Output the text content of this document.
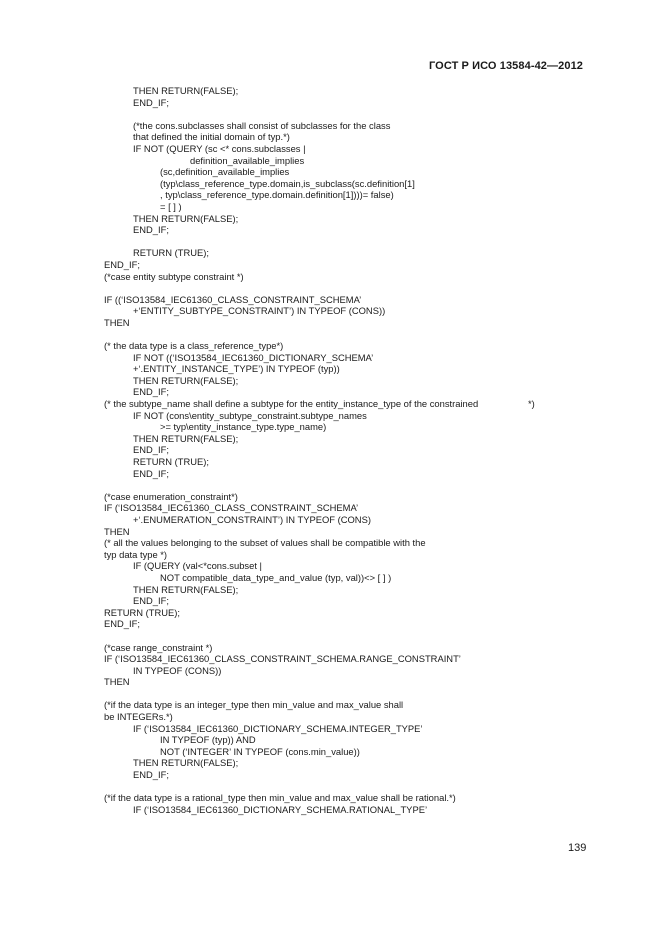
ГОСТ Р ИСО 13584-42—2012
THEN RETURN(FALSE);
END_IF;
(*the cons.subclasses shall consist of subclasses for the class
that defined the initial domain of typ.*)
IF NOT (QUERY (sc <* cons.subclasses |
definition_available_implies
(sc,definition_available_implies
(typ\class_reference_type.domain,is_subclass(sc.definition[1]
, typ\class_reference_type.domain.definition[1])))= false)
= [ ] )
THEN RETURN(FALSE);
END_IF;
RETURN (TRUE);
END_IF;
(*case entity subtype constraint *)
IF ((‘ISO13584_IEC61360_CLASS_CONSTRAINT_SCHEMA’
+‘ENTITY_SUBTYPE_CONSTRAINT’) IN TYPEOF (CONS))
THEN
(* the data type is a class_reference_type*)
IF NOT ((‘ISO13584_IEC61360_DICTIONARY_SCHEMA’
+‘.ENTITY_INSTANCE_TYPE’) IN TYPEOF (typ))
THEN RETURN(FALSE);
END_IF;
(* the subtype_name shall define a subtype for the entity_instance_type of the constrained	*)
IF NOT (cons\entity_subtype_constraint.subtype_names
>= typ\entity_instance_type.type_name)
THEN RETURN(FALSE);
END_IF;
RETURN (TRUE);
END_IF;
(*case enumeration_constraint*)
IF (‘ISO13584_IEC61360_CLASS_CONSTRAINT_SCHEMA’
+‘.ENUMERATION_CONSTRAINT’) IN TYPEOF (CONS)
THEN
(* all the values belonging to the subset of values shall be compatible with the
typ data type *)
IF (QUERY (val<*cons.subset |
NOT compatible_data_type_and_value (typ, val))<> [ ] )
THEN RETURN(FALSE);
END_IF;
RETURN (TRUE);
END_IF;
(*case range_constraint *)
IF (‘ISO13584_IEC61360_CLASS_CONSTRAINT_SCHEMA.RANGE_CONSTRAINT’
IN TYPEOF (CONS))
THEN
(*if the data type is an integer_type then min_value and max_value shall
be INTEGERs.*)
IF (‘ISO13584_IEC61360_DICTIONARY_SCHEMA.INTEGER_TYPE’
IN TYPEOF (typ)) AND
NOT (‘INTEGER’ IN TYPEOF (cons.min_value))
THEN RETURN(FALSE);
END_IF;
(*if the data type is a rational_type then min_value and max_value shall be rational.*)
IF (‘ISO13584_IEC61360_DICTIONARY_SCHEMA.RATIONAL_TYPE’
139
